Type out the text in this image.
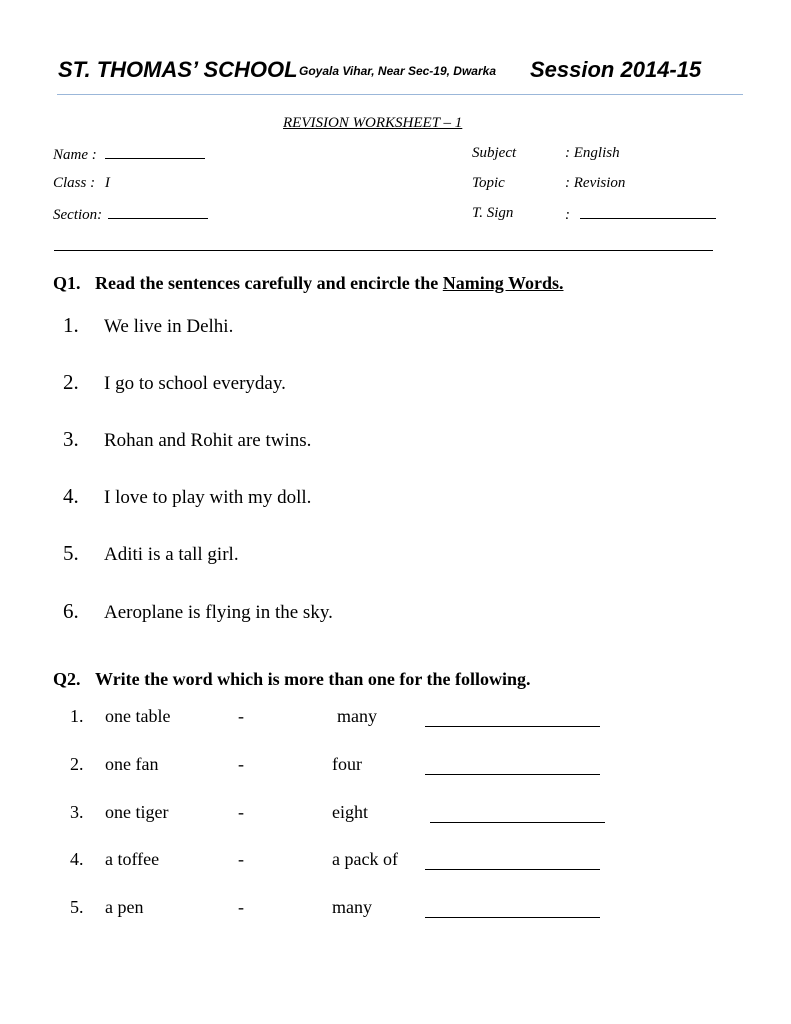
ST. THOMAS’ SCHOOL Goyala Vihar, Near Sec-19, Dwarka Session 2014-15
REVISION WORKSHEET – 1
Name :
Class : I
Section:
Subject	: English
Topic	: Revision
T. Sign	:
Q1. Read the sentences carefully and encircle the Naming Words.
1. We live in Delhi.
2. I go to school everyday.
3. Rohan and Rohit are twins.
4. I love to play with my doll.
5. Aditi is a tall girl.
6. Aeroplane is flying in the sky.
Q2. Write the word which is more than one for the following.
1. one table	-	many
2. one fan	-	four
3. one tiger	-	eight
4. a toffee	-	a pack of
5. a pen	-	many
